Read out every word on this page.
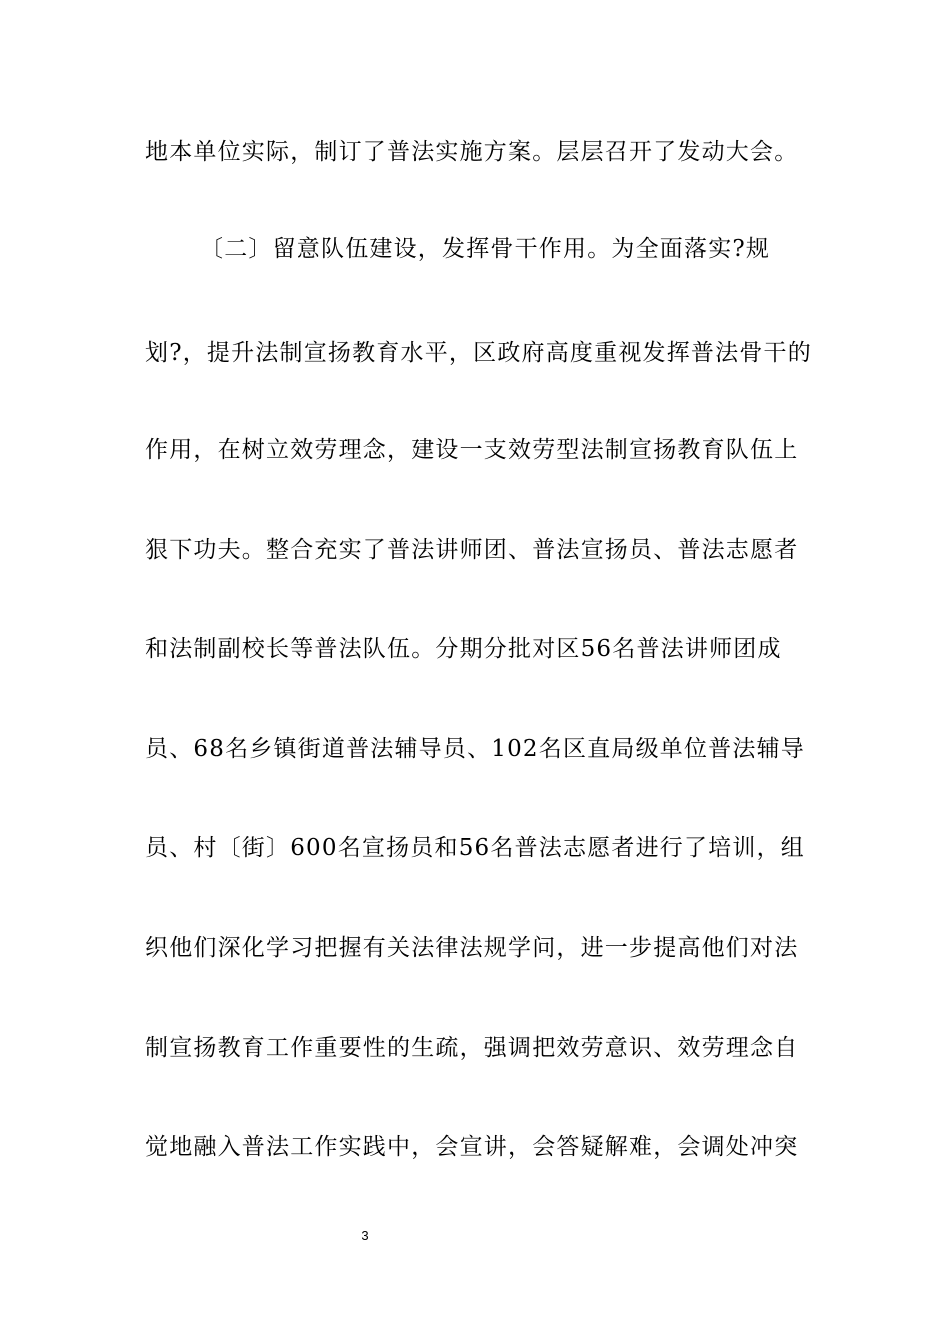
地本单位实际，制订了普法实施方案。层层召开了发动大会。
〔二〕留意队伍建设，发挥骨干作用。为全面落实?规
划?，提升法制宣扬教育水平，区政府高度重视发挥普法骨干的
作用，在树立效劳理念，建设一支效劳型法制宣扬教育队伍上
狠下功夫。整合充实了普法讲师团、普法宣扬员、普法志愿者
和法制副校长等普法队伍。分期分批对区56名普法讲师团成
员、68名乡镇街道普法辅导员、102名区直局级单位普法辅导
员、村〔街〕600名宣扬员和56名普法志愿者进行了培训，组
织他们深化学习把握有关法律法规学问，进一步提高他们对法
制宣扬教育工作重要性的生疏，强调把效劳意识、效劳理念自
觉地融入普法工作实践中，会宣讲，会答疑解难，会调处冲突
3
